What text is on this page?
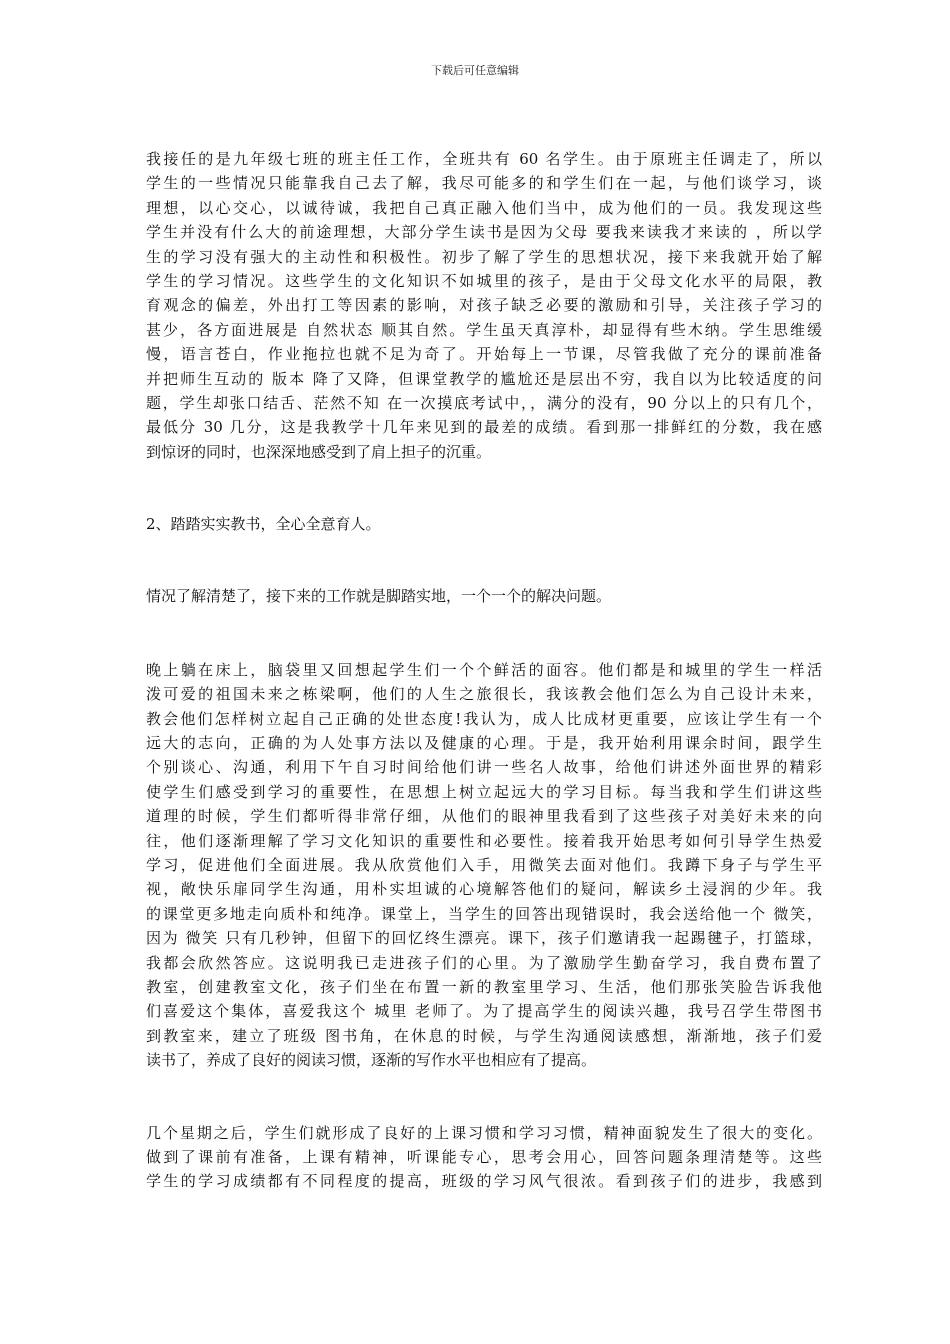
下载后可任意编辑
我接任的是九年级七班的班主任工作，全班共有 60 名学生。由于原班主任调走了，所以
学生的一些情况只能靠我自己去了解，我尽可能多的和学生们在一起，与他们谈学习，谈
理想，以心交心，以诚待诚，我把自己真正融入他们当中，成为他们的一员。我发现这些
学生并没有什么大的前途理想，大部分学生读书是因为父母 要我来读我才来读的 ，所以学
生的学习没有强大的主动性和积极性。初步了解了学生的思想状况，接下来我就开始了解
学生的学习情况。这些学生的文化知识不如城里的孩子，是由于父母文化水平的局限，教
育观念的偏差，外出打工等因素的影响，对孩子缺乏必要的激励和引导，关注孩子学习的
甚少，各方面进展是 自然状态 顺其自然。学生虽天真淳朴，却显得有些木纳。学生思维缓
慢，语言苍白，作业拖拉也就不足为奇了。开始每上一节课，尽管我做了充分的课前准备
并把师生互动的 版本 降了又降，但课堂教学的尴尬还是层出不穷，我自以为比较适度的问
题，学生却张口结舌、茫然不知 在一次摸底考试中，，满分的没有，90 分以上的只有几个，
最低分 30 几分，这是我教学十几年来见到的最差的成绩。看到那一排鲜红的分数，我在感
到惊讶的同时，也深深地感受到了肩上担子的沉重。
2、踏踏实实教书，全心全意育人。
情况了解清楚了，接下来的工作就是脚踏实地，一个一个的解决问题。
晚上躺在床上，脑袋里又回想起学生们一个个鲜活的面容。他们都是和城里的学生一样活
泼可爱的祖国未来之栋梁啊，他们的人生之旅很长，我该教会他们怎么为自己设计未来，
教会他们怎样树立起自己正确的处世态度!我认为，成人比成材更重要，应该让学生有一个
远大的志向，正确的为人处事方法以及健康的心理。于是，我开始利用课余时间，跟学生
个别谈心、沟通，利用下午自习时间给他们讲一些名人故事，给他们讲述外面世界的精彩
使学生们感受到学习的重要性，在思想上树立起远大的学习目标。每当我和学生们讲这些
道理的时候，学生们都听得非常仔细，从他们的眼神里我看到了这些孩子对美好未来的向
往，他们逐渐理解了学习文化知识的重要性和必要性。接着我开始思考如何引导学生热爱
学习，促进他们全面进展。我从欣赏他们入手，用微笑去面对他们。我蹲下身子与学生平
视，敞快乐扉同学生沟通，用朴实坦诚的心境解答他们的疑问，解读乡土浸润的少年。我
的课堂更多地走向质朴和纯净。课堂上，当学生的回答出现错误时，我会送给他一个 微笑，
因为 微笑 只有几秒钟，但留下的回忆终生漂亮。课下，孩子们邀请我一起踢毽子，打篮球，
我都会欣然答应。这说明我已走进孩子们的心里。为了激励学生勤奋学习，我自费布置了
教室，创建教室文化，孩子们坐在布置一新的教室里学习、生活，他们那张笑脸告诉我他
们喜爱这个集体，喜爱我这个 城里 老师了。为了提高学生的阅读兴趣，我号召学生带图书
到教室来，建立了班级 图书角，在休息的时候，与学生沟通阅读感想，渐渐地，孩子们爱
读书了，养成了良好的阅读习惯，逐渐的写作水平也相应有了提高。
几个星期之后，学生们就形成了良好的上课习惯和学习习惯，精神面貌发生了很大的变化。
做到了课前有准备，上课有精神，听课能专心，思考会用心，回答问题条理清楚等。这些
学生的学习成绩都有不同程度的提高，班级的学习风气很浓。看到孩子们的进步，我感到
